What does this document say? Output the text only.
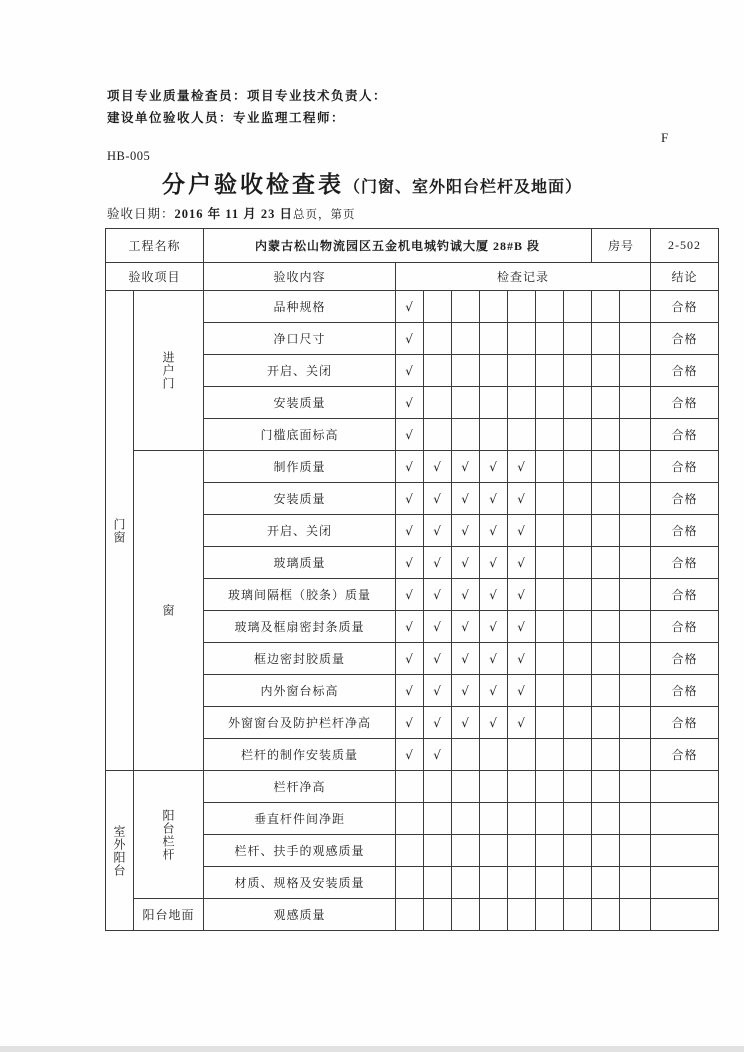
项目专业质量检查员：项目专业技术负责人：
建设单位验收人员：专业监理工程师：
F
HB-005
分户验收检查表（门窗、室外阳台栏杆及地面）
验收日期：2016 年 11 月 23 日总页，第页
工程名称		内蒙古松山物流园区五金机电城钓诚大厦 28#B 段								房号		2-502
验收项目		验收内容	检查记录									结论
门窗	进户门	品种规格	√									合格
		净口尺寸	√									合格
		开启、关闭	√									合格
		安装质量	√									合格
		门槛底面标高	√									合格
	窗	制作质量	√	√	√	√	√					合格
		安装质量	√	√	√	√	√					合格
		开启、关闭	√	√	√	√	√					合格
		玻璃质量	√	√	√	√	√					合格
		玻璃间隔框（胶条）质量	√	√	√	√	√					合格
		玻璃及框扇密封条质量	√	√	√	√	√					合格
		框边密封胶质量	√	√	√	√	√					合格
		内外窗台标高	√	√	√	√	√					合格
		外窗窗台及防护栏杆净高	√	√	√	√	√					合格
		栏杆的制作安装质量	√	√								合格
室外阳台	阳台栏杆	栏杆净高										
		垂直杆件间净距										
		栏杆、扶手的观感质量										
		材质、规格及安装质量										
	阳台地面	观感质量										
